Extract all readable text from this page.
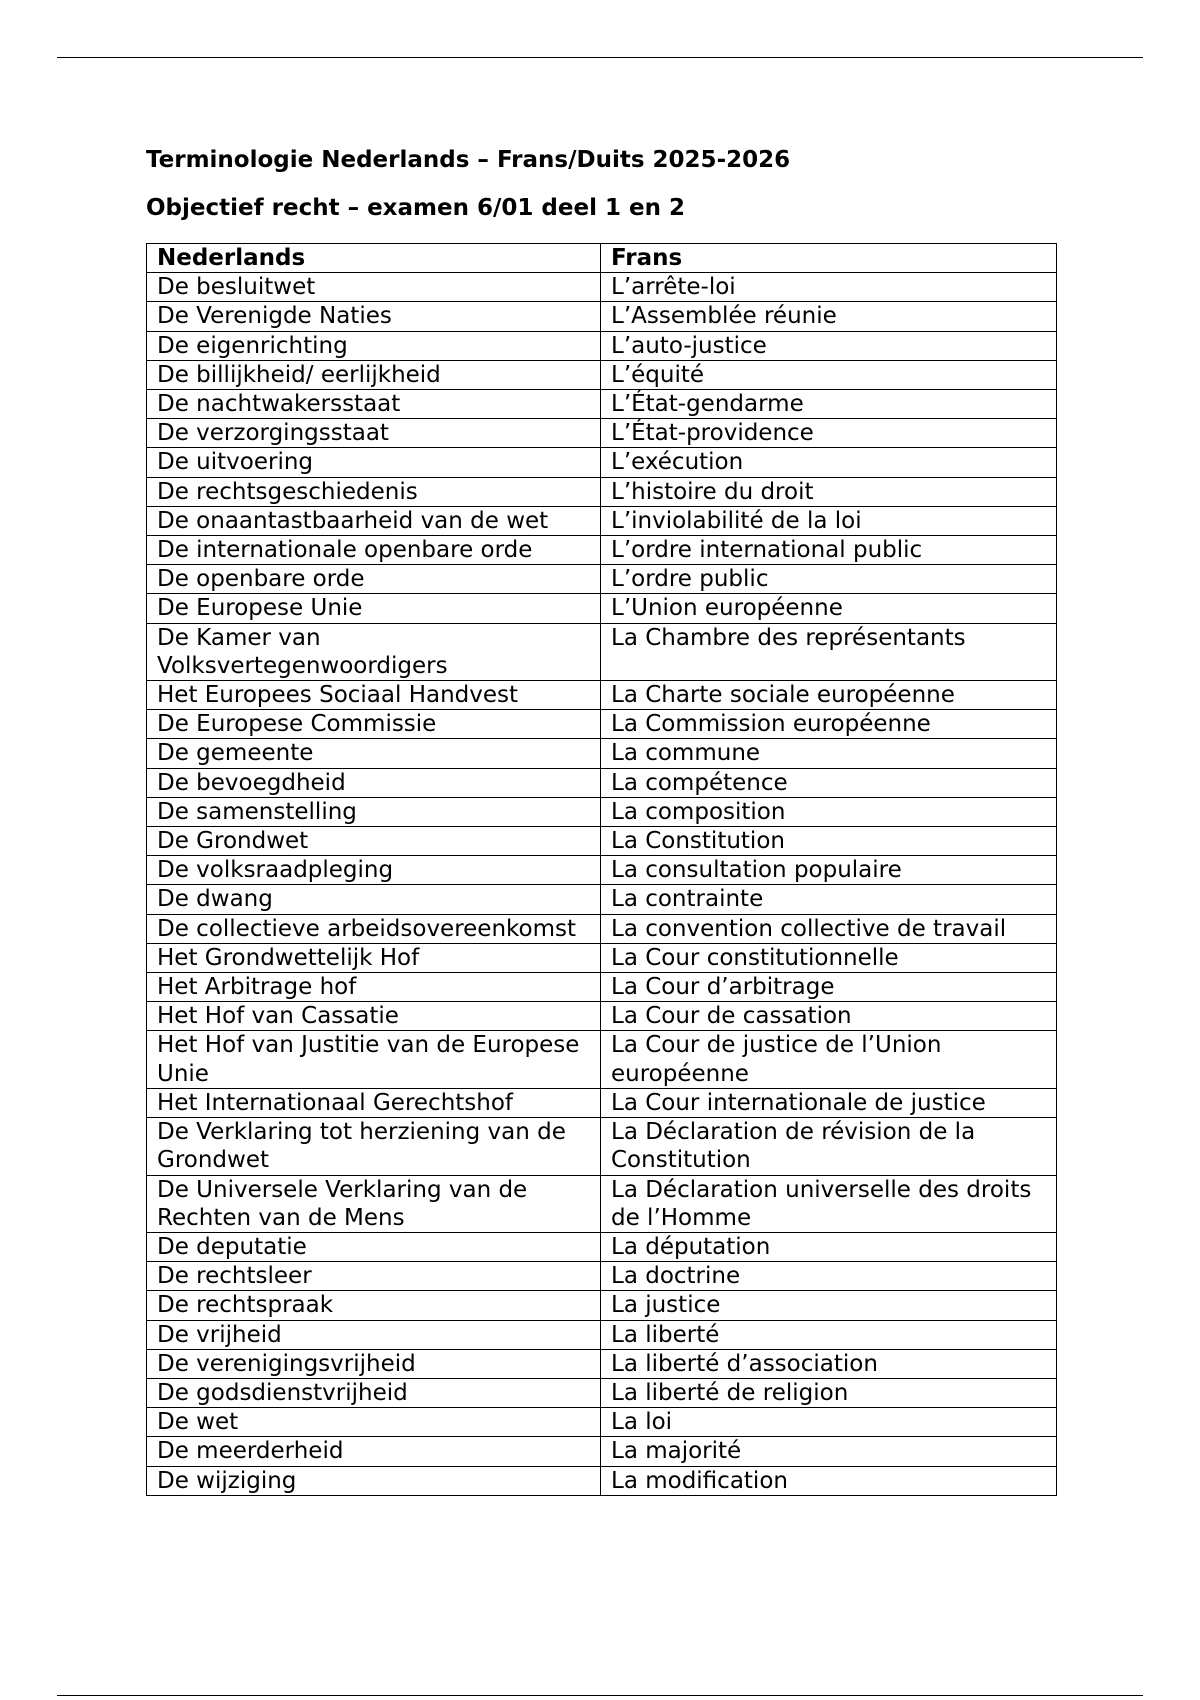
Terminologie Nederlands – Frans/Duits 2025-2026
Objectief recht – examen 6/01 deel 1 en 2
Nederlands	Frans
De besluitwet	L’arrête-loi
De Verenigde Naties	L’Assemblée réunie
De eigenrichting	L’auto-justice
De billijkheid/ eerlijkheid	L’équité
De nachtwakersstaat	L’État-gendarme
De verzorgingsstaat	L’État-providence
De uitvoering	L’exécution
De rechtsgeschiedenis	L’histoire du droit
De onaantastbaarheid van de wet	L’inviolabilité de la loi
De internationale openbare orde	L’ordre international public
De openbare orde	L’ordre public
De Europese Unie	L’Union européenne
De Kamer van Volksvertegenwoordigers	La Chambre des représentants
Het Europees Sociaal Handvest	La Charte sociale européenne
De Europese Commissie	La Commission européenne
De gemeente	La commune
De bevoegdheid	La compétence
De samenstelling	La composition
De Grondwet	La Constitution
De volksraadpleging	La consultation populaire
De dwang	La contrainte
De collectieve arbeidsovereenkomst	La convention collective de travail
Het Grondwettelijk Hof	La Cour constitutionnelle
Het Arbitrage hof	La Cour d’arbitrage
Het Hof van Cassatie	La Cour de cassation
Het Hof van Justitie van de Europese Unie	La Cour de justice de l’Union européenne
Het Internationaal Gerechtshof	La Cour internationale de justice
De Verklaring tot herziening van de Grondwet	La Déclaration de révision de la Constitution
De Universele Verklaring van de Rechten van de Mens	La Déclaration universelle des droits de l’Homme
De deputatie	La députation
De rechtsleer	La doctrine
De rechtspraak	La justice
De vrijheid	La liberté
De verenigingsvrijheid	La liberté d’association
De godsdienstvrijheid	La liberté de religion
De wet	La loi
De meerderheid	La majorité
De wijziging	La modification
